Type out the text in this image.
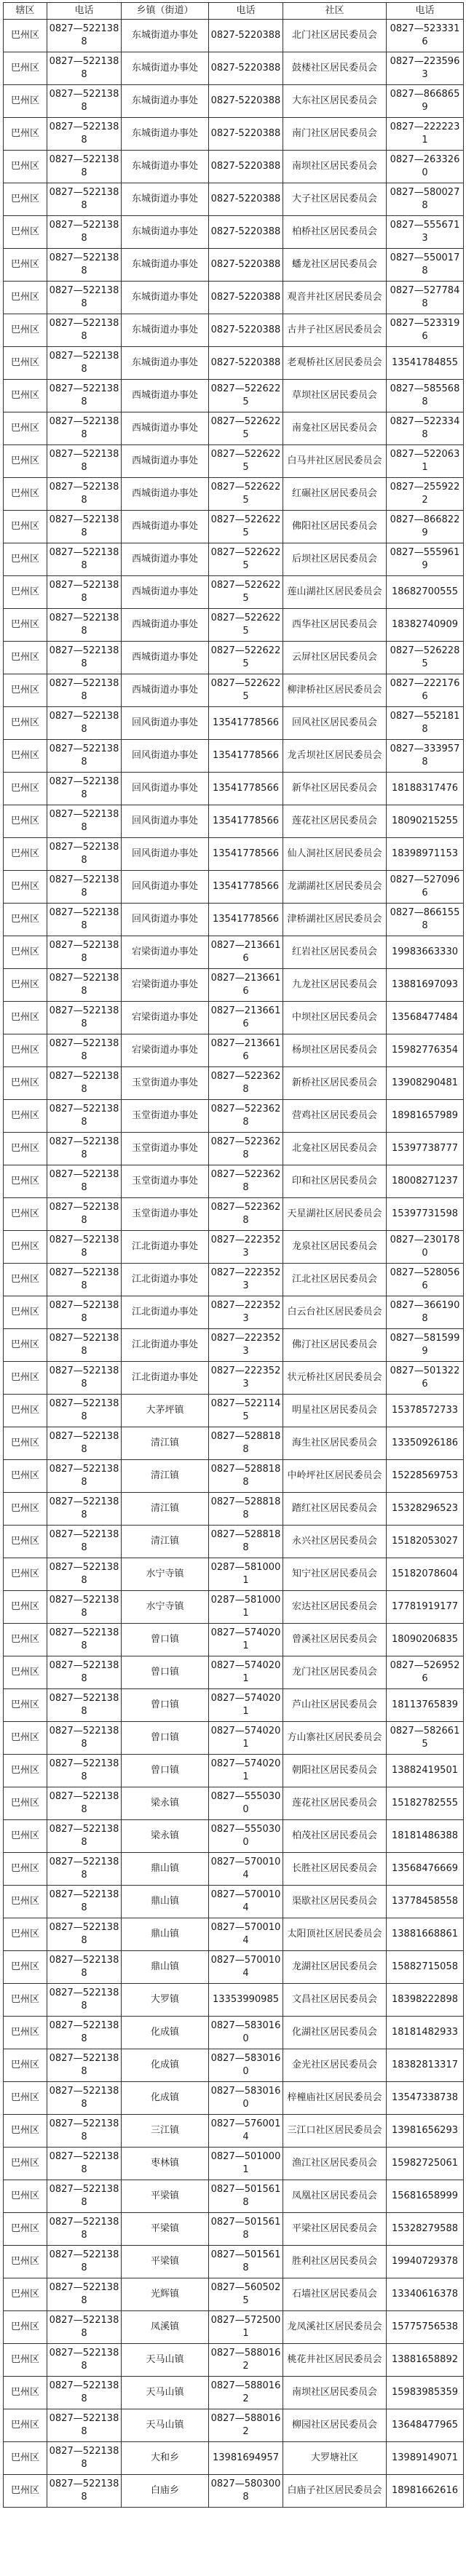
辖区	电话	乡镇（街道）	电话	社区	电话
巴州区	0827—5221388	东城街道办事处	0827-5220388	北门社区居民委员会	0827—5233316
巴州区	0827—5221388	东城街道办事处	0827-5220388	鼓楼社区居民委员会	0827—2235963
巴州区	0827—5221388	东城街道办事处	0827-5220388	大东社区居民委员会	0827—8668659
巴州区	0827—5221388	东城街道办事处	0827-5220388	南门社区居民委员会	0827—2222231
巴州区	0827—5221388	东城街道办事处	0827-5220388	南坝社区居民委员会	0827—2633260
巴州区	0827—5221388	东城街道办事处	0827-5220388	大子社区居民委员会	0827—5800278
巴州区	0827—5221388	东城街道办事处	0827-5220388	柏桥社区居民委员会	0827—5556713
巴州区	0827—5221388	东城街道办事处	0827-5220388	蟠龙社区居民委员会	0827—5500178
巴州区	0827—5221388	东城街道办事处	0827-5220388	观音井社区居民委员会	0827—5277848
巴州区	0827—5221388	东城街道办事处	0827-5220388	古井子社区居民委员会	0827—5233196
巴州区	0827—5221388	东城街道办事处	0827-5220388	老观桥社区居民委员会	13541784855
巴州区	0827—5221388	西城街道办事处	0827—5226225	草坝社区居民委员会	0827—5855688
巴州区	0827—5221388	西城街道办事处	0827—5226225	南龛社区居民委员会	0827—5223348
巴州区	0827—5221388	西城街道办事处	0827—5226225	白马井社区居民委员会	0827—5220631
巴州区	0827—5221388	西城街道办事处	0827—5226225	红碾社区居民委员会	0827—2559222
巴州区	0827—5221388	西城街道办事处	0827—5226225	佛阳社区居民委员会	0827—8668229
巴州区	0827—5221388	西城街道办事处	0827—5226225	后坝社区居民委员会	0827—5559619
巴州区	0827—5221388	西城街道办事处	0827—5226225	莲山湖社区居民委员会	18682700555
巴州区	0827—5221388	西城街道办事处	0827—5226225	西华社区居民委员会	18382740909
巴州区	0827—5221388	西城街道办事处	0827—5226225	云屏社区居民委员会	0827—5262285
巴州区	0827—5221388	西城街道办事处	0827—5226225	柳津桥社区居民委员会	0827—2221766
巴州区	0827—5221388	回风街道办事处	13541778566	回风社区居民委员会	0827—5521818
巴州区	0827—5221388	回风街道办事处	13541778566	龙舌坝社区居民委员会	0827—3339578
巴州区	0827—5221388	回风街道办事处	13541778566	新华社区居民委员会	18188317476
巴州区	0827—5221388	回风街道办事处	13541778566	莲花社区居民委员会	18090215255
巴州区	0827—5221388	回风街道办事处	13541778566	仙人洞社区居民委员会	18398971153
巴州区	0827—5221388	回风街道办事处	13541778566	龙湖湖社区居民委员会	0827—5270966
巴州区	0827—5221388	回风街道办事处	13541778566	津桥湖社区居民委员会	0827—8661558
巴州区	0827—5221388	宕梁街道办事处	0827—2136616	红岩社区居民委员会	19983663330
巴州区	0827—5221388	宕梁街道办事处	0827—2136616	九龙社区居民委员会	13881697093
巴州区	0827—5221388	宕梁街道办事处	0827—2136616	中坝社区居民委员会	13568477484
巴州区	0827—5221388	宕梁街道办事处	0827—2136616	杨坝社区居民委员会	15982776354
巴州区	0827—5221388	玉堂街道办事处	0827—5223628	新桥社区居民委员会	13908290481
巴州区	0827—5221388	玉堂街道办事处	0827—5223628	营鸡社区居民委员会	18981657989
巴州区	0827—5221388	玉堂街道办事处	0827—5223628	北龛社区居民委员会	15397738777
巴州区	0827—5221388	玉堂街道办事处	0827—5223628	印和社区居民委员会	18008271237
巴州区	0827—5221388	玉堂街道办事处	0827—5223628	天星湖社区居民委员会	15397731598
巴州区	0827—5221388	江北街道办事处	0827—2223523	龙泉社区居民委员会	0827—2301780
巴州区	0827—5221388	江北街道办事处	0827—2223523	江北社区居民委员会	0827—5280566
巴州区	0827—5221388	江北街道办事处	0827—2223523	白云台社区居民委员会	0827—3661908
巴州区	0827—5221388	江北街道办事处	0827—2223523	佛汀社区居民委员会	0827—5815999
巴州区	0827—5221388	江北街道办事处	0827—2223523	状元桥社区居民委员会	0827—5013226
巴州区	0827—5221388	大茅坪镇	0827—5221145	明星社区居民委员会	15378572733
巴州区	0827—5221388	清江镇	0827—5288188	海生社区居民委员会	13350926186
巴州区	0827—5221388	清江镇	0827—5288188	中岭坪社区居民委员会	15228569753
巴州区	0827—5221388	清江镇	0827—5288188	踏红社区居民委员会	15328296523
巴州区	0827—5221388	清江镇	0827—5288188	永兴社区居民委员会	15182053027
巴州区	0827—5221388	水宁寺镇	0287—5810001	知宁社区居民委员会	15182078604
巴州区	0827—5221388	水宁寺镇	0287—5810001	宏达社区居民委员会	17781919177
巴州区	0827—5221388	曾口镇	0827—5740201	曾溪社区居民委员会	18090206835
巴州区	0827—5221388	曾口镇	0827—5740201	龙门社区居民委员会	0827—5269526
巴州区	0827—5221388	曾口镇	0827—5740201	芦山社区居民委员会	18113765839
巴州区	0827—5221388	曾口镇	0827—5740201	方山寨社区居民委员会	0827—5826615
巴州区	0827—5221388	曾口镇	0827—5740201	朝阳社区居民委员会	13882419501
巴州区	0827—5221388	梁永镇	0827—5550300	莲花社区居民委员会	15182782555
巴州区	0827—5221388	梁永镇	0827—5550300	柏茂社区居民委员会	18181486388
巴州区	0827—5221388	鼎山镇	0827—5700104	长胜社区居民委员会	13568476669
巴州区	0827—5221388	鼎山镇	0827—5700104	渠歇社区居民委员会	13778458558
巴州区	0827—5221388	鼎山镇	0827—5700104	太阳顶社区居民委员会	13881668861
巴州区	0827—5221388	鼎山镇	0827—5700104	龙湖社区居民委员会	15882715058
巴州区	0827—5221388	大罗镇	13353990985	文昌社区居民委员会	18398222898
巴州区	0827—5221388	化成镇	0827—5830160	化湖社区居民委员会	18181482933
巴州区	0827—5221388	化成镇	0827—5830160	金光社区居民委员会	18382813317
巴州区	0827—5221388	化成镇	0827—5830160	梓橦庙社区居民委员会	13547338738
巴州区	0827—5221388	三江镇	0827—5760014	三江口社区居民委员会	13981656293
巴州区	0827—5221388	枣林镇	0827—5010001	渔江社区居民委员会	15982725061
巴州区	0827—5221388	平梁镇	0827—5015618	凤凰社区居民委员会	15681658999
巴州区	0827—5221388	平梁镇	0827—5015618	平梁社区居民委员会	15328279588
巴州区	0827—5221388	平梁镇	0827—5015618	胜利社区居民委员会	19940729378
巴州区	0827—5221388	光辉镇	0827—5605025	石墙社区居民委员会	13340616378
巴州区	0827—5221388	凤溪镇	0827—5725001	龙凤溪社区居民委员会	15775756538
巴州区	0827—5221388	天马山镇	0827—5880162	桃花井社区居民委员会	13881658892
巴州区	0827—5221388	天马山镇	0827—5880162	南坝社区居民委员会	15983985359
巴州区	0827—5221388	天马山镇	0827—5880162	柳园社区居民委员会	13648477965
巴州区	0827—5221388	大和乡	13981694957	大罗塘社区	13989149071
巴州区	0827—5221388	白庙乡	0827—5803008	白庙子社区居民委员会	18981662616
